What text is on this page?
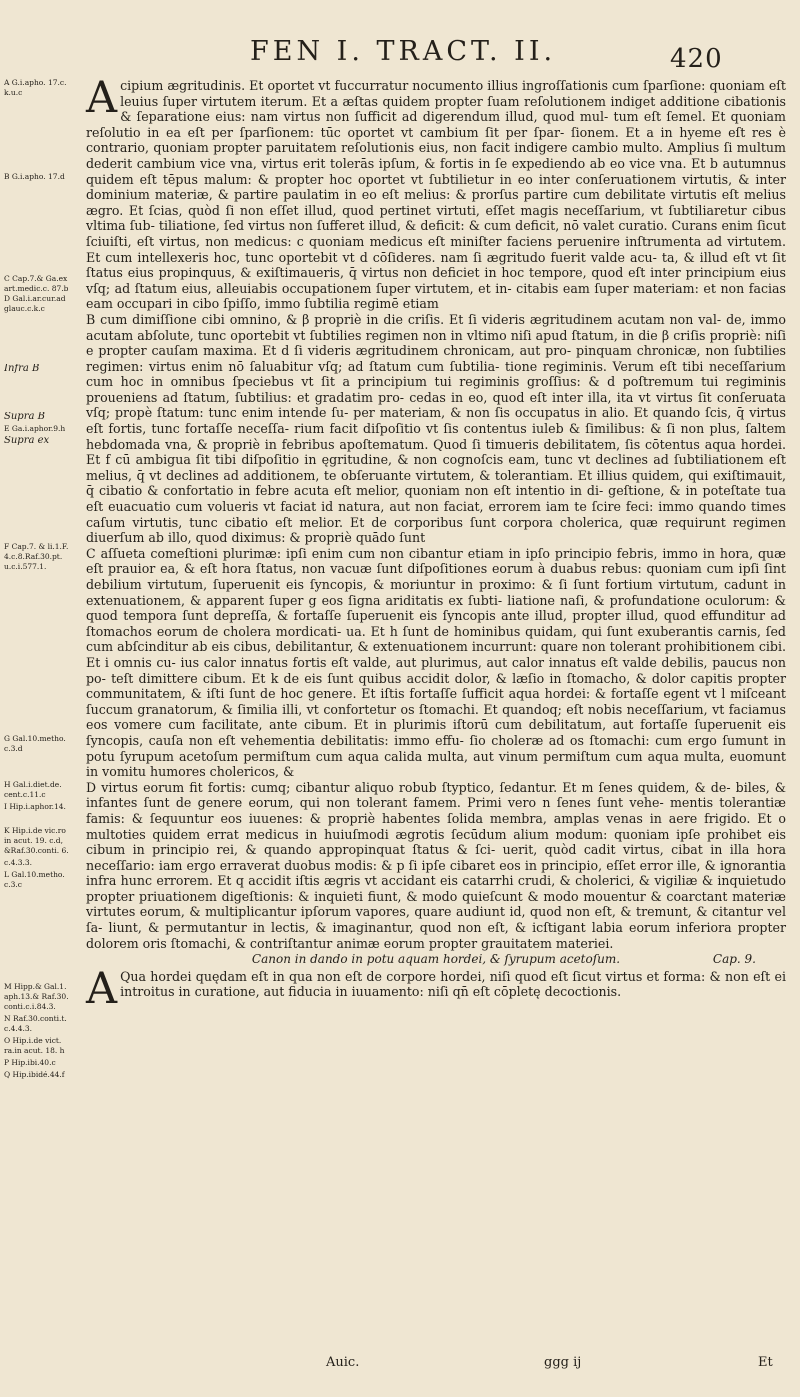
FEN I. TRACT. II.	420
A G.i.apho. 17.c.
k.u.c
B G.i.apho. 17.d
C Cap.7.& Ga.ex
art.medic.c. 87.b
D Gal.i.ar.cur.ad
glauc.c.k.c
Infra B
Supra B
E Ga.i.aphor.9.h
Supra ex
F Cap.7. & li.1.F.
4.c.8.Raf.30.pt.
u.c.i.577.1.
G Gal.10.metho.
c.3.d
H Gal.i.diet.de.
cent.c.11.c
I Hip.i.aphor.14.
K Hip.i.de vic.ro
in acut. 19. c.d,
&Raf.30.conti. 6.
c.4.3.3.
L Gal.10.metho.
c.3.c
M Hipp.& Gal.1.
aph.13.& Raf.30.
conti.c.i.84.3.
N Raf.30.conti.t.
c.4.4.3.
O Hip.i.de vict.
ra.in acut. 18. h
P Hip.ibi.40.c
Q Hip.ibidé.44.f

Acipium ægritudinis. Et oportet vt fuccurratur nocumento illius ingroſſationis cum ſparſione: quoniam eſt leuius ſuper virtutem iterum. Et a æſtas quidem propter ſuam reſolutionem indiget additione cibationis & ſeparatione eius: nam virtus non ſufficit ad digerendum illud, quod mul- tum eſt ſemel. Et quoniam reſolutio in ea eſt per ſparſionem: tūc oportet vt cambium ſit per ſpar- ſionem. Et a in hyeme eſt res è contrario, quoniam propter paruitatem reſolutionis eius, non facit indigere cambio multo. Amplius ſi multum dederit cambium vice vna, virtus erit tolerās ipſum, & fortis in ſe expediendo ab eo vice vna. Et b autumnus quidem eſt tēpus malum: & propter hoc oportet vt ſubtilietur in eo inter conſeruationem virtutis, & inter dominium materiæ, & partire paulatim in eo eſt melius: & prorſus partire cum debilitate virtutis eſt melius ægro. Et ſcias, quòd ſi non eſſet illud, quod pertinet virtuti, eſſet magis neceſſarium, vt ſubtiliaretur cibus vltima ſub- tiliatione, ſed virtus non ſufferet illud, & deficit: & cum deficit, nō valet curatio. Curans enim ſicut ſciuiſti, eſt virtus, non medicus: c quoniam medicus eſt miniſter faciens peruenire inſtrumenta ad virtutem. Et cum intellexeris hoc, tunc oportebit vt d cōſideres. nam ſi ægritudo fuerit valde acu- ta, & illud eſt vt ſit ſtatus eius propinquus, & exiſtimaueris, q̄ virtus non deficiet in hoc tempore, quod eſt inter principium eius vſq; ad ſtatum eius, alleuiabis occupationem ſuper virtutem, et in- citabis eam ſuper materiam: et non facias eam occupari in cibo ſpiſſo, immo ſubtilia regimē etiam

B cum dimiſſione cibi omnino, & β propriè in die criſis. Et ſi videris ægritudinem acutam non val- de, immo acutam abſolute, tunc oportebit vt ſubtilies regimen non in vltimo niſi apud ſtatum, in die β criſis propriè: niſi e propter cauſam maxima. Et d ſi videris ægritudinem chronicam, aut pro- pinquam chronicæ, non ſubtilies regimen: virtus enim nō ſaluabitur vſq; ad ſtatum cum ſubtilia- tione regiminis. Verum eſt tibi neceſſarium cum hoc in omnibus ſpeciebus vt ſit a principium tui regiminis groſſius: & d poſtremum tui regiminis proueniens ad ſtatum, ſubtilius: et gradatim pro- cedas in eo, quod eſt inter illa, ita vt virtus ſit conſeruata vſq; propè ſtatum: tunc enim intende ſu- per materiam, & non ſis occupatus in alio. Et quando ſcis, q̄ virtus eſt fortis, tunc fortaſſe neceſſa- rium facit diſpoſitio vt ſis contentus iuleb & ſimilibus: & ſi non plus, ſaltem hebdomada vna, & propriè in febribus apoſtematum. Quod ſi timueris debilitatem, ſis cōtentus aqua hordei. Et f cū ambigua ſit tibi diſpoſitio in ęgritudine, & non cognoſcis eam, tunc vt declines ad ſubtiliationem eſt melius, q̄ vt declines ad additionem, te obſeruante virtutem, & tolerantiam. Et illius quidem, qui exiſtimauit, q̄ cibatio & confortatio in febre acuta eſt melior, quoniam non eſt intentio in di- geſtione, & in poteſtate tua eſt euacuatio cum volueris vt faciat id natura, aut non faciat, errorem iam te ſcire feci: immo quando times caſum virtutis, tunc cibatio eſt melior. Et de corporibus ſunt corpora cholerica, quæ requirunt regimen diuerſum ab illo, quod diximus: & propriè quādo ſunt

C aſſueta comeſtioni plurimæ: ipſi enim cum non cibantur etiam in ipſo principio febris, immo in hora, quæ eſt prauior ea, & eſt hora ſtatus, non vacuæ ſunt diſpoſitiones eorum à duabus rebus: quoniam cum ipſi ſint debilium virtutum, ſuperuenit eis ſyncopis, & moriuntur in proximo: & ſi ſunt fortium virtutum, cadunt in extenuationem, & apparent ſuper g eos ſigna ariditatis ex ſubti- liatione naſi, & profundatione oculorum: & quod tempora ſunt depreſſa, & fortaſſe ſuperuenit eis ſyncopis ante illud, propter illud, quod effunditur ad ſtomachos eorum de cholera mordicati- ua. Et h ſunt de hominibus quidam, qui ſunt exuberantis carnis, ſed cum abſcinditur ab eis cibus, debilitantur, & extenuationem incurrunt: quare non tolerant prohibitionem cibi. Et i omnis cu- ius calor innatus fortis eſt valde, aut plurimus, aut calor innatus eſt valde debilis, paucus non po- teſt dimittere cibum. Et k de eis ſunt quibus accidit dolor, & læſio in ſtomacho, & dolor capitis propter communitatem, & iſti ſunt de hoc genere. Et iſtis fortaſſe ſufficit aqua hordei: & fortaſſe egent vt l miſceant ſuccum granatorum, & ſimilia illi, vt confortetur os ſtomachi. Et quandoq; eſt nobis neceſſarium, vt faciamus eos vomere cum facilitate, ante cibum. Et in plurimis iſtorū cum debilitatum, aut fortaſſe ſuperuenit eis ſyncopis, cauſa non eſt vehementia debilitatis: immo effu- ſio choleræ ad os ſtomachi: cum ergo ſumunt in potu ſyrupum acetoſum permiſtum cum aqua calida multa, aut vinum permiſtum cum aqua multa, euomunt in vomitu humores cholericos, &

D virtus eorum fit fortis: cumq; cibantur aliquo robub ſtyptico, ſedantur. Et m ſenes quidem, & de- biles, & infantes ſunt de genere eorum, qui non tolerant famem. Primi vero n ſenes ſunt vehe- mentis tolerantiæ famis: & ſequuntur eos iuuenes: & propriè habentes ſolida membra, amplas venas in aere frigido. Et o multoties quidem errat medicus in huiuſmodi ægrotis ſecūdum alium modum: quoniam ipſe prohibet eis cibum in principio rei, & quando appropinquat ſtatus & ſci- uerit, quòd cadit virtus, cibat in illa hora neceſſario: iam ergo erraverat duobus modis: & p ſi ipſe cibaret eos in principio, eſſet error ille, & ignorantia infra hunc errorem. Et q accidit iſtis ægris vt accidant eis catarrhi crudi, & cholerici, & vigiliæ & inquietudo propter priuationem digeſtionis: & inquieti fiunt, & modo quieſcunt & modo mouentur & coarctant materiæ virtutes eorum, & multiplicantur ipſorum vapores, quare audiunt id, quod non eſt, & tremunt, & citantur vel ſa- liunt, & permutantur in lectis, & imaginantur, quod non eſt, & icſtigant labia eorum inferiora propter dolorem oris ſtomachi, & contriſtantur animæ eorum propter grauitatem materiei.

Canon in dando in potu aquam hordei, & ſyrupum acetoſum.	Cap. 9.

A Qua hordei quędam eſt in qua non eſt de corpore hordei, niſi quod eſt ſicut virtus et forma: & non eſt ei introitus in curatione, aut fiducia in iuuamento: niſi qn̄ eſt cōpletę decoctionis.

Auic.	ggg ij	Et
